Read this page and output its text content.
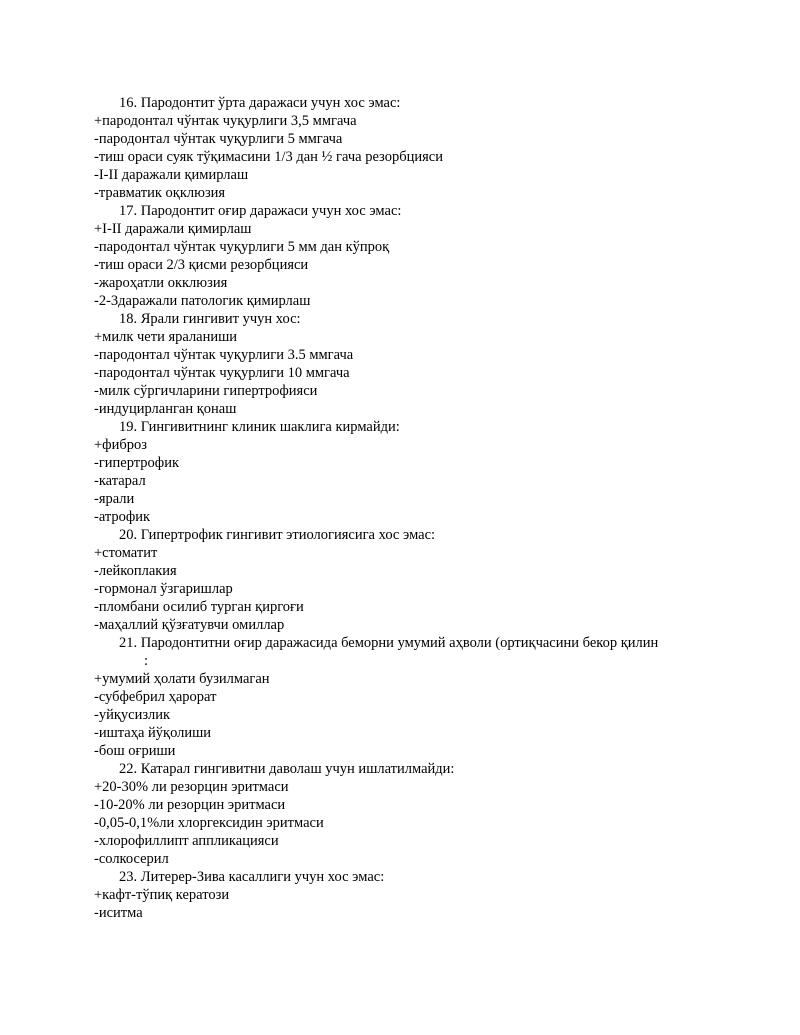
16. Пародонтит ўрта даражаси учун хос эмас:
+пародонтал чўнтак чуқурлиги 3,5 ммгача
-пародонтал чўнтак чуқурлиги 5 ммгача
-тиш ораси суяк тўқимасини 1/3 дан ½ гача резорбцияси
-I-II даражали қимирлаш
-травматик оқклюзия
17. Пародонтит оғир даражаси учун хос эмас:
+I-II даражали қимирлаш
-пародонтал чўнтак чуқурлиги 5 мм дан кўпроқ
-тиш ораси 2/3 қисми резорбцияси
-жароҳатли окклюзия
-2-3даражали патологик қимирлаш
18. Ярали гингивит учун хос:
+милк чети яраланиши
-пародонтал чўнтак чуқурлиги 3.5 ммгача
-пародонтал чўнтак чуқурлиги 10 ммгача
-милк сўргичларини гипертрофияси
-индуцирланган қонаш
19. Гингивитнинг клиник шаклига кирмайди:
+фиброз
-гипертрофик
-катарал
-ярали
-атрофик
20. Гипертрофик гингивит этиологиясига хос эмас:
+стоматит
-лейкоплакия
-гормонал ўзгаришлар
-пломбани осилиб турган қиргоғи
-маҳаллий қўзғатувчи омиллар
21. Пародонтитни оғир даражасида беморни умумий аҳволи (ортиқчасини бекор қилин
:
+умумий ҳолати бузилмаган
-субфебрил ҳарорат
-уйқусизлик
-иштаҳа йўқолиши
-бош оғриши
22. Катарал гингивитни даволаш учун ишлатилмайди:
+20-30% ли резорцин эритмаси
-10-20% ли резорцин эритмаси
-0,05-0,1%ли хлоргексидин эритмаси
-хлорофиллипт аппликацияси
-солкосерил
23. Литерер-Зива касаллиги учун хос эмас:
+кафт-тўпиқ кератози
-иситма
